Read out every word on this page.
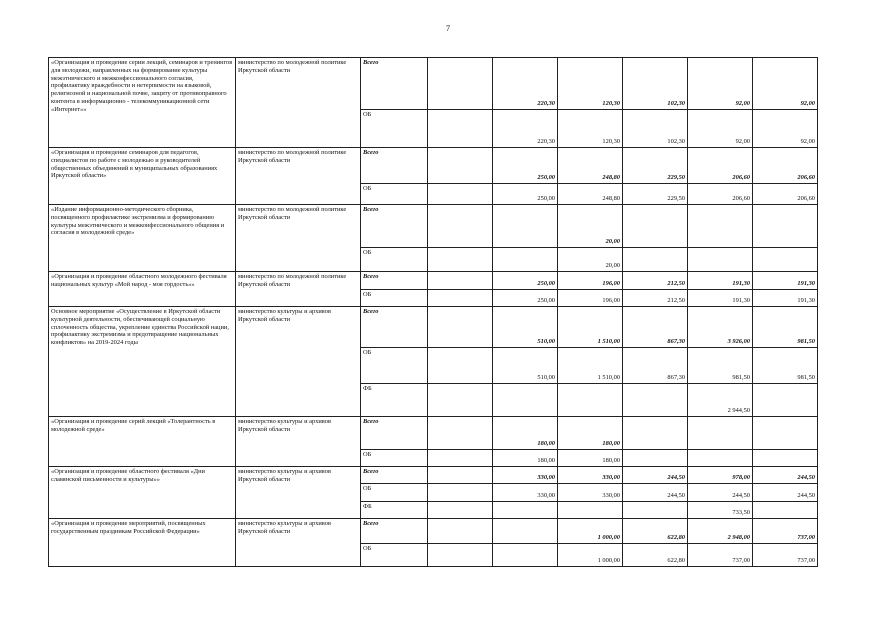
7
«Организация и проведение серии лекций, семинаров и тренингов для молодежи, направленных на формирование культуры межэтнического и межконфессионального согласия, профилактику враждебности и нетерпимости на языковой, религиозной и национальной почве, защиту от противоправного контента в информационно - телекоммуникационной сети «Интернет»»	министерство по молодежной политике Иркутской области	Всего		220,30	120,30	102,30	92,00	92,00	
		ОБ		220,30	120,30	102,30	92,00	92,00	
«Организация и проведение семинаров для педагогов, специалистов по работе с молодежью и руководителей общественных объединений в муниципальных образованиях Иркутской области»	министерство по молодежной политике Иркутской области	Всего		250,00	248,80	229,50	206,60	206,60	
		ОБ		250,00	248,80	229,50	206,60	206,60	
«Издание информационно-методического сборника, посвященного профилактике экстремизма и формированию культуры межэтнического и межконфессионального общения и согласия в молодежной среде»	министерство по молодежной политике Иркутской области	Всего			20,00				
		ОБ			20,00				
«Организация и проведение областного молодежного фестиваля национальных культур «Мой народ - моя гордость»»	министерство по молодежной политике Иркутской области	Всего		250,00	196,00	212,50	191,30	191,30	
		ОБ		250,00	196,00	212,50	191,30	191,30	
Основное мероприятие «Осуществление в Иркутской области культурной деятельности, обеспечивающей социальную сплоченность общества, укрепление единства Российской нации, профилактику экстремизма и предотвращение национальных конфликтов» на 2019-2024 годы	министерство культуры и архивов Иркутской области	Всего		510,00	1 510,00	867,30	3 926,00	981,50	
		ОБ		510,00	1 510,00	867,30	981,50	981,50	
		ФБ					2 944,50		
«Организация и проведение серий лекций «Толерантность в молодежной среде»	министерство культуры и архивов Иркутской области	Всего		180,00	180,00				
		ОБ		180,00	180,00				
«Организация и проведение областного фестиваля «Дни славянской письменности и культуры»»	министерство культуры и архивов Иркутской области	Всего		330,00	330,00	244,50	978,00	244,50	
		ОБ		330,00	330,00	244,50	244,50	244,50	
		ФБ					733,50		
«Организация и проведение мероприятий, посвященных государственным праздникам Российской Федерации»	министерство культуры и архивов Иркутской области	Всего			1 000,00	622,80	2 948,00	737,00	
		ОБ			1 000,00	622,80	737,00	737,00	
